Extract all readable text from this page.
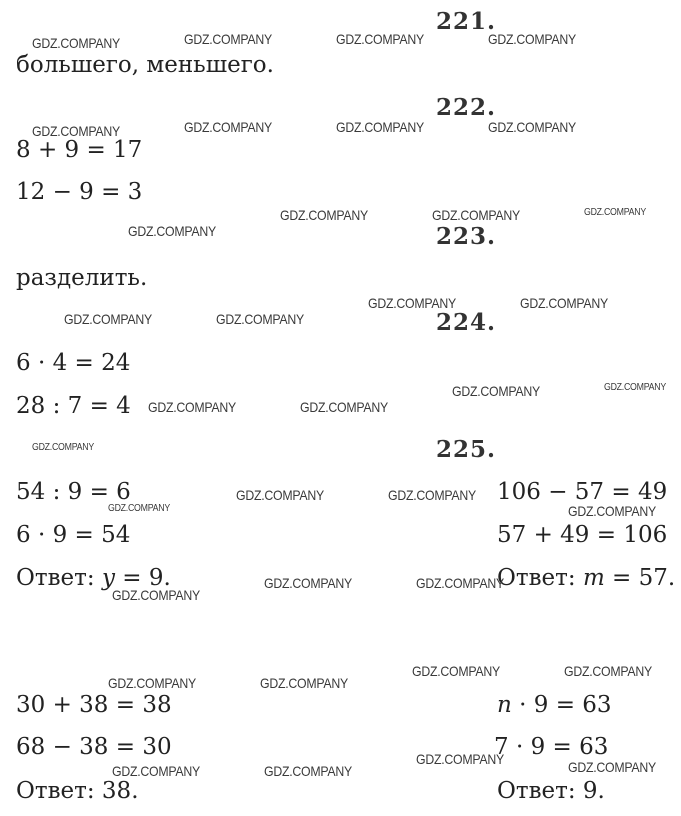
221.
222.
223.
224.
225.
большего, меньшего.
8 + 9 = 17
12 − 9 = 3
разделить.
6 · 4 = 24
28 : 7 = 4
54 : 9 = 6
6 · 9 = 54
Ответ: y = 9.
106 − 57 = 49
57 + 49 = 106
Ответ: m = 57.
30 + 38 = 38
68 − 38 = 30
Ответ: 38.
n · 9 = 63
7 · 9 = 63
Ответ: 9.
GDZ.COMPANY	GDZ.COMPANY	GDZ.COMPANY	GDZ.COMPANY
GDZ.COMPANY	GDZ.COMPANY	GDZ.COMPANY	GDZ.COMPANY
GDZ.COMPANY	GDZ.COMPANY	GDZ.COMPANY
GDZ.COMPANY
GDZ.COMPANY	GDZ.COMPANY
GDZ.COMPANY	GDZ.COMPANY
GDZ.COMPANY	GDZ.COMPANY
GDZ.COMPANY	GDZ.COMPANY
GDZ.COMPANY
GDZ.COMPANY	GDZ.COMPANY
GDZ.COMPANY	GDZ.COMPANY
GDZ.COMPANY	GDZ.COMPANY
GDZ.COMPANY
GDZ.COMPANY	GDZ.COMPANY
GDZ.COMPANY	GDZ.COMPANY
GDZ.COMPANY	GDZ.COMPANY
GDZ.COMPANY	GDZ.COMPANY
